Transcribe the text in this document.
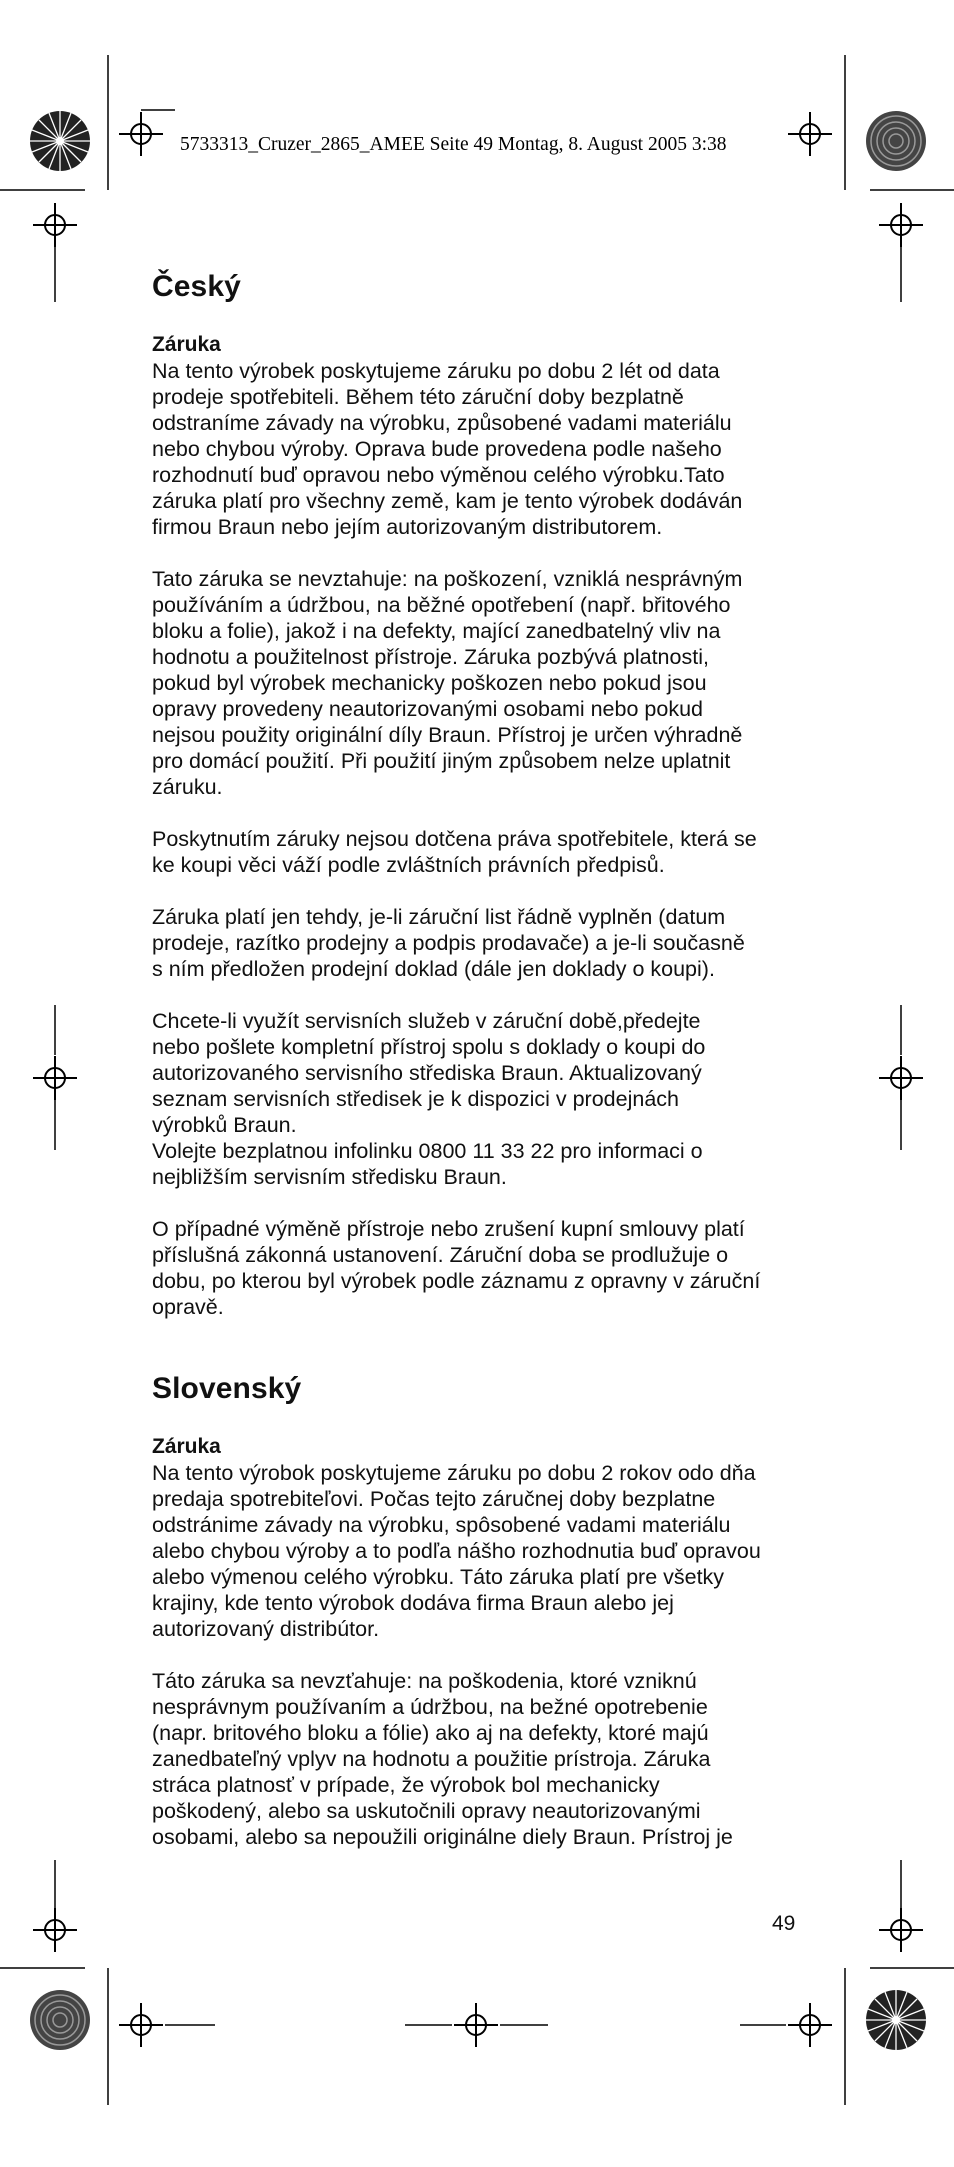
5733313_Cruzer_2865_AMEE Seite 49 Montag, 8. August 2005 3:38
Český
Záruka

Na tento výrobek poskytujeme záruku po dobu 2 lét od data
prodeje spotřebiteli. Během této záruční doby bezplatně
odstraníme závady na výrobku, způsobené vadami materiálu
nebo chybou výroby. Oprava bude provedena podle našeho
rozhodnutí buď opravou nebo výměnou celého výrobku.Tato
záruka platí pro všechny země, kam je tento výrobek dodáván
firmou Braun nebo jejím autorizovaným distributorem.

Tato záruka se nevztahuje: na poškození, vzniklá nesprávným
používáním a údržbou, na běžné opotřebení (např. břitového
bloku a folie), jakož i na defekty, mající zanedbatelný vliv na
hodnotu a použitelnost přístroje. Záruka pozbývá platnosti,
pokud byl výrobek mechanicky poškozen nebo pokud jsou
opravy provedeny neautorizovanými osobami nebo pokud
nejsou použity originální díly Braun. Přístroj je určen výhradně
pro domácí použití. Při použití jiným způsobem nelze uplatnit
záruku.

Poskytnutím záruky nejsou dotčena práva spotřebitele, která se
ke koupi věci váží podle zvláštních právních předpisů.

Záruka platí jen tehdy, je-li záruční list řádně vyplněn (datum
prodeje, razítko prodejny a podpis prodavače) a je-li současně
s ním předložen prodejní doklad (dále jen doklady o koupi).

Chcete-li využít servisních služeb v záruční době,předejte
nebo pošlete kompletní přístroj spolu s doklady o koupi do
autorizovaného servisního střediska Braun. Aktualizovaný
seznam servisních středisek je k dispozici v prodejnách
výrobků Braun.
Volejte bezplatnou infolinku 0800 11 33 22 pro informaci o
nejbližším servisním středisku Braun.

O případné výměně přístroje nebo zrušení kupní smlouvy platí
příslušná zákonná ustanovení. Záruční doba se prodlužuje o
dobu, po kterou byl výrobek podle záznamu z opravny v záruční
opravě.

Slovenský
Záruka

Na tento výrobok poskytujeme záruku po dobu 2 rokov odo dňa
predaja spotrebiteľovi. Počas tejto záručnej doby bezplatne
odstránime závady na výrobku, spôsobené vadami materiálu
alebo chybou výroby a to podľa nášho rozhodnutia buď opravou
alebo výmenou celého výrobku. Táto záruka platí pre všetky
krajiny, kde tento výrobok dodáva firma Braun alebo jej
autorizovaný distribútor.

Táto záruka sa nevzťahuje: na poškodenia, ktoré vzniknú
nesprávnym používaním a údržbou, na bežné opotrebenie
(napr. britového bloku a fólie) ako aj na defekty, ktoré majú
zanedbateľný vplyv na hodnotu a použitie prístroja. Záruka
stráca platnosť v prípade, že výrobok bol mechanicky
poškodený, alebo sa uskutočnili opravy neautorizovanými
osobami, alebo sa nepoužili originálne diely Braun. Prístroj je

49
